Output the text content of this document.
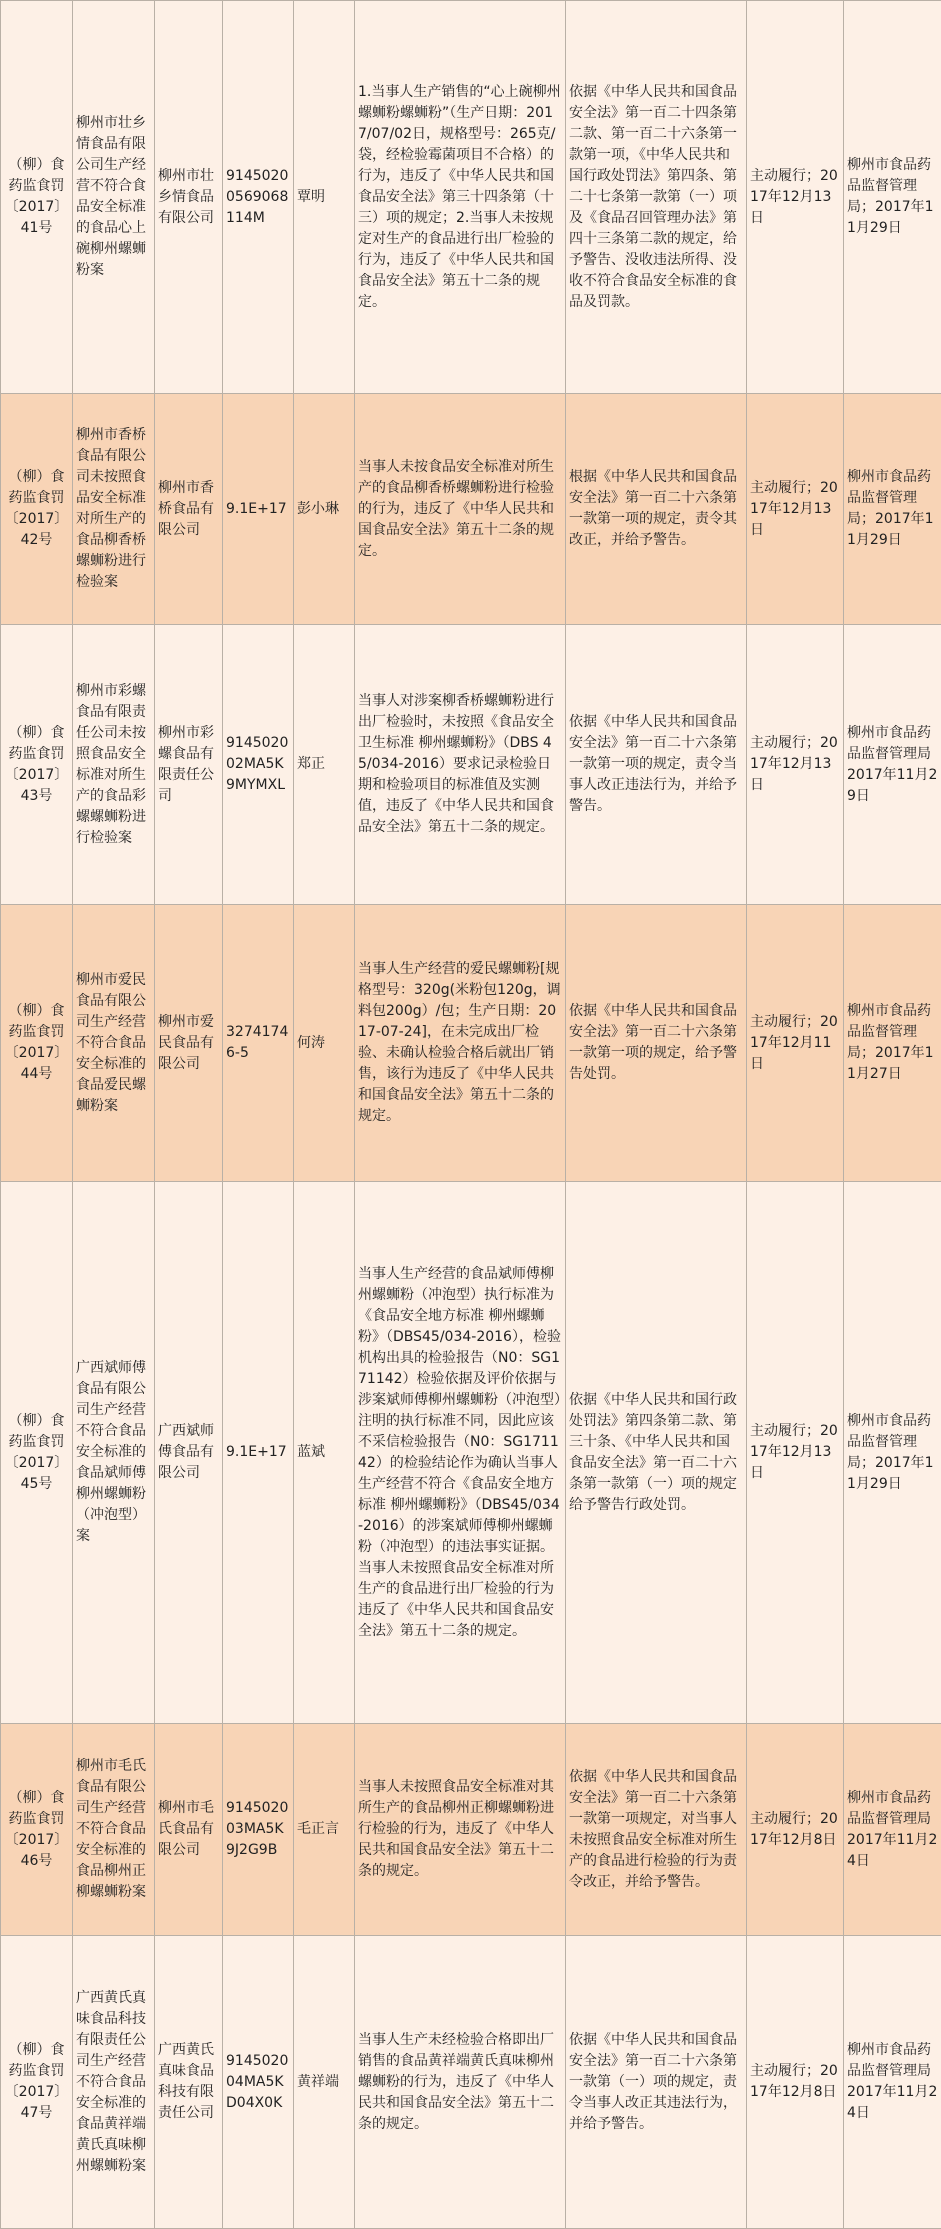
（柳）食药监食罚〔2017〕41号	柳州市壮乡情食品有限公司生产经营不符合食品安全标准的食品心上碗柳州螺蛳粉案	柳州市壮乡情食品有限公司	91450200569068114M	覃明	1.当事人生产销售的“心上碗柳州螺蛳粉螺蛳粉”（生产日期：2017/07/02日，规格型号：265克/袋，经检验霉菌项目不合格）的行为，违反了《中华人民共和国食品安全法》第三十四条第（十三）项的规定；2.当事人未按规定对生产的食品进行出厂检验的行为，违反了《中华人民共和国食品安全法》第五十二条的规定。	依据《中华人民共和国食品安全法》第一百二十四条第二款、第一百二十六条第一款第一项，《中华人民共和国行政处罚法》第四条、第二十七条第一款第（一）项及《食品召回管理办法》第四十三条第二款的规定，给予警告、没收违法所得、没收不符合食品安全标准的食品及罚款。	主动履行；2017年12月13日	柳州市食品药品监督管理局；2017年11月29日
（柳）食药监食罚〔2017〕42号	柳州市香桥食品有限公司未按照食品安全标准对所生产的食品柳香桥螺蛳粉进行检验案	柳州市香桥食品有限公司	9.1E+17	彭小琳	当事人未按食品安全标准对所生产的食品柳香桥螺蛳粉进行检验的行为，违反了《中华人民共和国食品安全法》第五十二条的规定。	根据《中华人民共和国食品安全法》第一百二十六条第一款第一项的规定，责令其改正，并给予警告。	主动履行；2017年12月13日	柳州市食品药品监督管理局；2017年11月29日
（柳）食药监食罚〔2017〕43号	柳州市彩螺食品有限责任公司未按照食品安全标准对所生产的食品彩螺螺蛳粉进行检验案	柳州市彩螺食品有限责任公司	914502002MA5K9MYMXL	郑正	当事人对涉案柳香桥螺蛳粉进行出厂检验时，未按照《食品安全卫生标准 柳州螺蛳粉》（DBS 45/034-2016）要求记录检验日期和检验项目的标准值及实测值，违反了《中华人民共和国食品安全法》第五十二条的规定。	依据《中华人民共和国食品安全法》第一百二十六条第一款第一项的规定，责令当事人改正违法行为，并给予警告。	主动履行；2017年12月13日	柳州市食品药品监督管理局2017年11月29日
（柳）食药监食罚〔2017〕44号	柳州市爱民食品有限公司生产经营不符合食品安全标准的食品爱民螺蛳粉案	柳州市爱民食品有限公司	32741746-5	何涛	当事人生产经营的爱民螺蛳粉[规格型号：320g(米粉包120g，调料包200g）/包；生产日期：2017-07-24]，在未完成出厂检验、未确认检验合格后就出厂销售，该行为违反了《中华人民共和国食品安全法》第五十二条的规定。	依据《中华人民共和国食品安全法》第一百二十六条第一款第一项的规定，给予警告处罚。	主动履行；2017年12月11日	柳州市食品药品监督管理局；2017年11月27日
（柳）食药监食罚〔2017〕45号	广西斌师傅食品有限公司生产经营不符合食品安全标准的食品斌师傅柳州螺蛳粉（冲泡型）案	广西斌师傅食品有限公司	9.1E+17	蓝斌	当事人生产经营的食品斌师傅柳州螺蛳粉（冲泡型）执行标准为《食品安全地方标准 柳州螺蛳粉》（DBS45/034-2016），检验机构出具的检验报告（N0：SG171142）检验依据及评价依据与涉案斌师傅柳州螺蛳粉（冲泡型）注明的执行标准不同，因此应该不采信检验报告（N0：SG171142）的检验结论作为确认当事人生产经营不符合《食品安全地方标准 柳州螺蛳粉》（DBS45/034-2016）的涉案斌师傅柳州螺蛳粉（冲泡型）的违法事实证据。当事人未按照食品安全标准对所生产的食品进行出厂检验的行为违反了《中华人民共和国食品安全法》第五十二条的规定。	依据《中华人民共和国行政处罚法》第四条第二款、第三十条、《中华人民共和国食品安全法》第一百二十六条第一款第（一）项的规定给予警告行政处罚。	主动履行；2017年12月13日	柳州市食品药品监督管理局；2017年11月29日
（柳）食药监食罚〔2017〕46号	柳州市毛氏食品有限公司生产经营不符合食品安全标准的食品柳州正柳螺蛳粉案	柳州市毛氏食品有限公司	914502003MA5K9J2G9B	毛正言	当事人未按照食品安全标准对其所生产的食品柳州正柳螺蛳粉进行检验的行为，违反了《中华人民共和国食品安全法》第五十二条的规定。	依据《中华人民共和国食品安全法》第一百二十六条第一款第一项规定，对当事人未按照食品安全标准对所生产的食品进行检验的行为责令改正，并给予警告。	主动履行；2017年12月8日	柳州市食品药品监督管理局2017年11月24日
（柳）食药监食罚〔2017〕47号	广西黄氏真味食品科技有限责任公司生产经营不符合食品安全标准的食品黄祥端黄氏真味柳州螺蛳粉案	广西黄氏真味食品科技有限责任公司	914502004MA5KD04X0K	黄祥端	当事人生产未经检验合格即出厂销售的食品黄祥端黄氏真味柳州螺蛳粉的行为，违反了《中华人民共和国食品安全法》第五十二条的规定。	依据《中华人民共和国食品安全法》第一百二十六条第一款第（一）项的规定，责令当事人改正其违法行为，并给予警告。	主动履行；2017年12月8日	柳州市食品药品监督管理局2017年11月24日
